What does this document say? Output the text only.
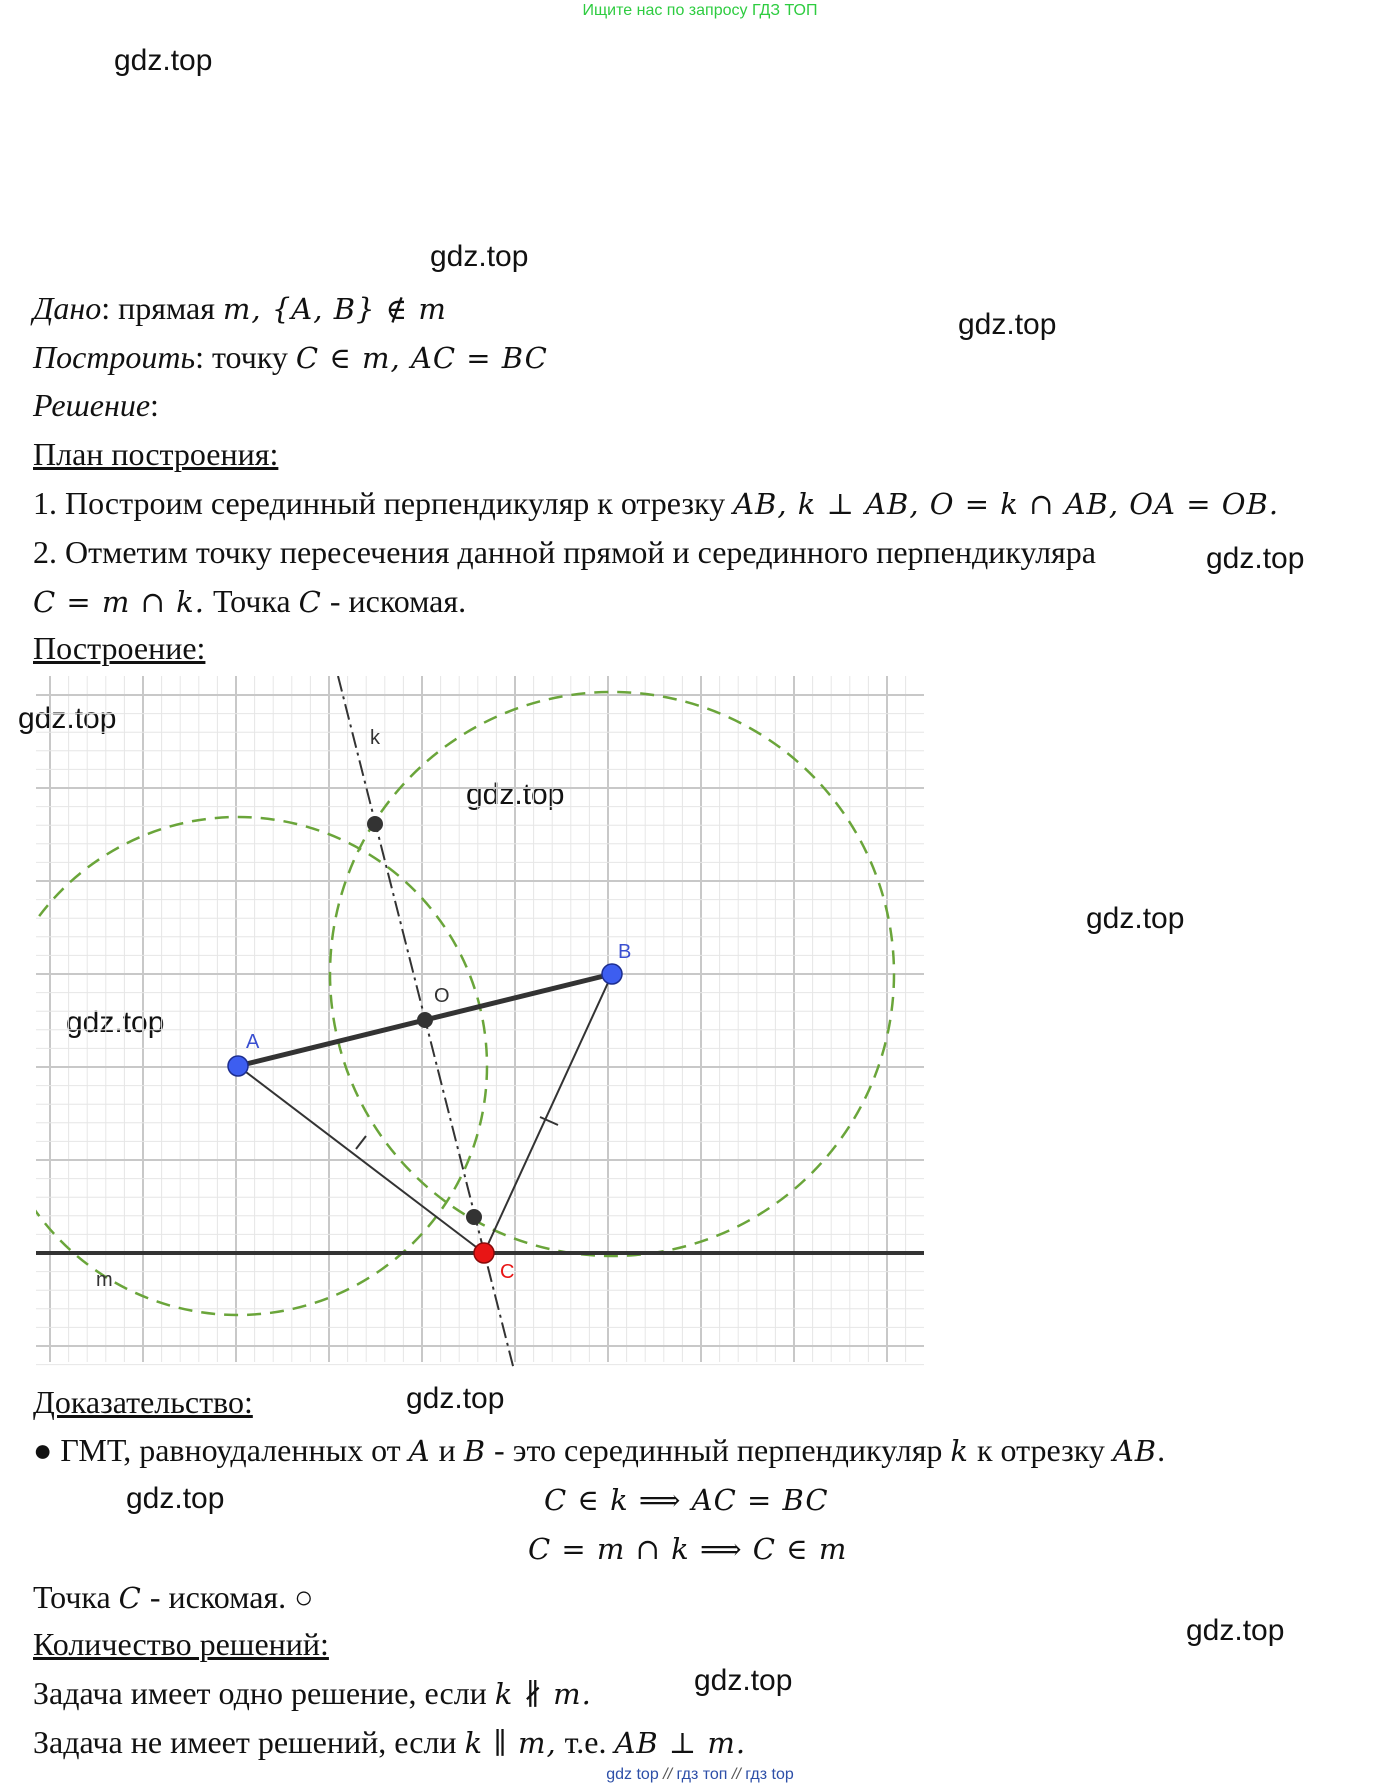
Ищите нас по запросу ГДЗ ТОП
gdz.top
gdz.top
gdz.top
gdz.top
gdz.top
gdz.top
gdz.top
gdz.top
gdz.top
gdz.top
gdz.top
gdz.top
Дано: прямая m, {A, B} ∉ m
Построить: точку C ∈ m, AC = BC
Решение:
План построения:
1. Построим серединный перпендикуляр к отрезку AB, k ⊥ AB, O = k ∩ AB, OA = OB.
2. Отметим точку пересечения данной прямой и серединного перпендикуляра
C = m ∩ k. Точка C - искомая.
Построение:
A
B
O
C
k
m
Доказательство:
● ГМТ, равноудаленных от A и B - это серединный перпендикуляр k к отрезку AB.
C ∈ k ⟹ AC = BC
C = m ∩ k ⟹ C ∈ m
Точка C - искомая. ○
Количество решений:
Задача имеет одно решение, если k ∦ m.
Задача не имеет решений, если k ∥ m, т.е. AB ⊥ m.
gdz top // гдз топ // гдз top
